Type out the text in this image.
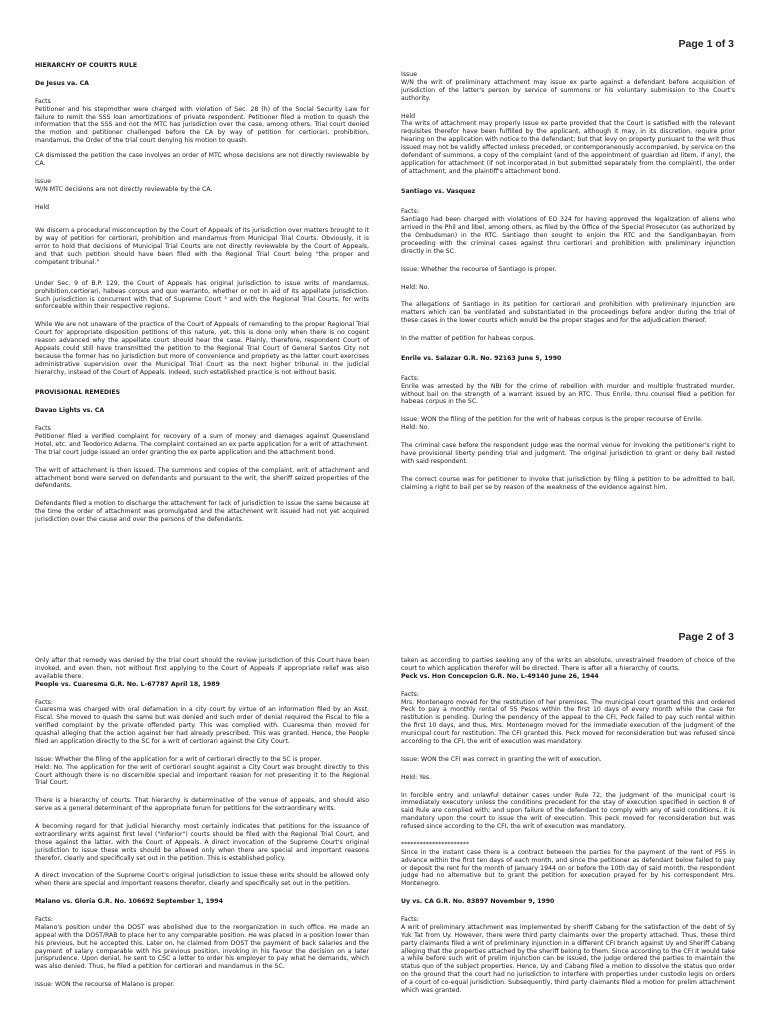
Page 1 of 3

HIERARCHY OF COURTS RULE

De Jesus va. CA

Facts

Petitioner and his stepmother were charged with violation of Sec. 28 (h) of the Social Security Law for failure to remit the SSS loan amortizations of private respondent. Petitioner filed a motion to quash the Information that the SSS and not the MTC has jurisdiction over the case, among others. Trial court denied the motion and petitioner challenged before the CA by way of petition for certiorari, prohibition, mandamus, the Order of the trial court denying his motion to quash.

CA dismissed the petition the case involves an order of MTC whose decisions are not directly reviewable by CA.

Issue

W/N MTC decisions are not directly reviewable by the CA.

Held

We discern a procedural misconception by the Court of Appeals of its jurisdiction over matters brought to it by way of petition for certiorari, prohibition and mandamus from Municipal Trial Courts. Obviously, it is error to hold that decisions of Municipal Trial Courts are not directly reviewable by the Court of Appeals, and that such petition should have been filed with the Regional Trial Court being "the proper and competent tribunal."

Under Sec. 9 of B.P. 129, the Court of Appeals has original jurisdiction to issue writs of mandamus, prohibition,certiorari, habeas corpus and quo warranto, whether or not in aid of its appellate jurisdiction. Such jurisdiction is concurrent with that of Supreme Court ³ and with the Regional Trial Courts, for writs enforceable within their respective regions.

While We are not unaware of the practice of the Court of Appeals of remanding to the proper Regional Trial Court for appropriate disposition petitions of this nature, yet, this is done only when there is no cogent reason advanced why the appellate court should hear the case. Plainly, therefore, respondent Court of Appeals could still have transmitted the petition to the Regional Trial Court of General Santos City not because the former has no jurisdiction but more of convenience and propriety as the latter court exercises administrative supervision over the Municipal Trial Court as the next higher tribunal in the judicial hierarchy, instead of the Court of Appeals. Indeed, such established practice is not without basis.

PROVISIONAL REMEDIES

Davao Lights vs. CA

Facts

Petitioner filed a verified complaint for recovery of a sum of money and damages against Queensland Hotel, etc. and Teodorico Adarna. The complaint contained an ex parte application for a writ of attachment. The trial court judge issued an order granting the ex parte application and the attachment bond.

The writ of attachment is then issued. The summons and copies of the complaint, writ of attachment and attachment bond were served on defendants and pursuant to the writ, the sheriff seized properties of the defendants.

Defendants filed a motion to discharge the attachment for lack of jurisdiction to issue the same because at the time the order of attachment was promulgated and the attachment writ issued had not yet acquired jurisdiction over the cause and over the persons of the defendants.

Issue

W/N the writ of preliminary attachment may issue ex parte against a defendant before acquisition of jurisdiction of the latter's person by service of summons or his voluntary submission to the Court's authority.

Held

The writs of attachment may properly issue ex parte provided that the Court is satisfied with the relevant requisites therefor have been fulfilled by the applicant, although it may, in its discretion, require prior hearing on the application with notice to the defendant; but that levy on property pursuant to the writ thus issued may not be validly effected unless preceded, or contemporaneously accompanied, by service on the defendant of summons, a copy of the complaint (and of the appointment of guardian ad litem, if any), the application for attachment (if not incorporated in but submitted separately from the complaint), the order of attachment, and the plaintiff's attachment bond.

Santiago vs. Vasquez

Facts:

Santiago had been charged with violations of EO 324 for having approved the legalization of aliens who arrived in the Phil and libel, among others, as filed by the Office of the Special Prosecutor (as authorized by the Ombudsman) in the RTC. Santiago then sought to enjoin the RTC and the Sandiganbayan from proceeding with the criminal cases against thru certiorari and prohibition with preliminary injunction directly in the SC.

Issue: Whether the recourse of Santiago is proper.

Held: No.

The allegations of Santiago in its petition for certiorari and prohibition with preliminary injunction are matters which can be ventilated and substantiated in the proceedings before and/or during the trial of these cases in the lower courts which would be the proper stages and for the adjudication thereof.

In the matter of petition for habeas corpus.

Enrile vs. Salazar G.R. No. 92163 June 5, 1990

Facts:

Enrile was arrested by the NBI for the crime of rebellion with murder and multiple frustrated murder, without bail on the strength of a warrant issued by an RTC. Thus Enrile, thru counsel filed a petition for habeas corpus in the SC.

Issue: WON the filing of the petition for the writ of habeas corpus is the proper recourse of Enrile.

Held: No.

The criminal case before the respondent Judge was the normal venue for invoking the petitioner's right to have provisional liberty pending trial and judgment. The original jurisdiction to grant or deny bail rested with said respondent.

The correct course was for petitioner to invoke that jurisdiction by filing a petition to be admitted to bail, claiming a right to bail per se by reason of the weakness of the evidence against him.

Page 2 of 3

Only after that remedy was denied by the trial court should the review jurisdiction of this Court have been invoked, and even then, not without first applying to the Court of Appeals if appropriate relief was also available there.

People vs. Cuaresma G.R. No. L-67787 April 18, 1989

Facts:

Cuaresma was charged with oral defamation in a city court by virtue of an information filed by an Asst. Fiscal. She moved to quash the same but was denied and such order of denial required the Fiscal to file a verified complaint by the private offended party. This was complied with. Cuaresma then moved for quashal alleging that the action against her had already prescribed. This was granted. Hence, the People filed an application directly to the SC for a writ of certiorari against the City Court.

Issue: Whether the filing of the application for a writ of certiorari directly to the SC is proper.

Held: No. The application for the writ of certiorari sought against a City Court was brought directly to this Court although there is no discernible special and important reason for not presenting it to the Regional Trial Court.

There is a hierarchy of courts. That hierarchy is determinative of the venue of appeals, and should also serve as a general determinant of the appropriate forum for petitions for the extraordinary writs.

A becoming regard for that judicial hierarchy most certainly indicates that petitions for the issuance of extraordinary writs against first level ("inferior") courts should be filed with the Regional Trial Court, and those against the latter, with the Court of Appeals. A direct invocation of the Supreme Court's original jurisdiction to issue these writs should be allowed only when there are special and important reasons therefor, clearly and specifically set out in the petition. This is established policy.

A direct invocation of the Supreme Court's original jurisdiction to issue these writs should be allowed only when there are special and important reasons therefor, clearly and specifically set out in the petition.

Malano vs. Gloria G.R. No. 106692 September 1, 1994

Facts:

Malano's position under the DOST was abolished due to the reorganization in such office. He made an appeal with the DOST/RAB to place her to any comparable position. He was placed in a position lower than his previous, but he accepted this. Later on, he claimed from DOST the payment of back salaries and the payment of salary comparable with his previous position, invoking in his favour the decision on a later jurisprudence. Upon denial, he sent to CSC a letter to order his employer to pay what he demands, which was also denied. Thus, he filed a petition for certiorari and mandamus in the SC.

Issue: WON the recourse of Malano is proper.

taken as according to parties seeking any of the writs an absolute, unrestrained freedom of choice of the court to which application therefor will be directed. There is after all a hierarchy of courts.

Peck vs. Hon Concepcion G.R. No. L-49140 June 26, 1944

Facts:

Mrs. Montenegro moved for the restitution of her premises. The municipal court granted this and ordered Peck to pay a monthly rental of 55 Pesos within the first 10 days of every month while the case for restitution is pending. During the pendency of the appeal to the CFI, Peck failed to pay such rental within the first 10 days, and thus, Mrs. Montenegro moved for the immediate execution of the judgment of the municipal court for restitution. The CFI granted this. Peck moved for reconsideration but was refused since according to the CFI, the writ of execution was mandatory.

Issue: WON the CFI was correct in granting the writ of execution.

Held: Yes.

In forcible entry and unlawful detainer cases under Rule 72, the judgment of the municipal court is immediately executory unless the conditions precedent for the stay of execution specified in section 8 of said Rule are complied with; and upon failure of the defendant to comply with any of said conditions, it is mandatory upon the court to issue the writ of execution. This peck moved for reconsideration but was refused since according to the CFI, the writ of execution was mandatory.

**********************

Since in the instant case there is a contract between the parties for the payment of the rent of P55 in advance within the first ten days of each month, and since the petitioner as defendant below failed to pay or deposit the rent for the month of January 1944 on or before the 10th day of said month, the respondent judge had no alternative but to grant the petition for execution prayed for by his correspondent Mrs. Montenegro.

Uy vs. CA G.R. No. 83897 November 9, 1990

Facts:

A writ of preliminary attachment was implemented by sheriff Cabang for the satisfaction of the debt of Sy Yuk Tat from Uy. However, there were third party claimants over the property attached. Thus, these third party claimants filed a writ of preliminary injunction in a different CFI branch against Uy and Sheriff Cabang alleging that the properties attached by the sheriff belong to them. Since according to the CFI it would take a while before such writ of prelim injunction can be issued, the judge ordered the parties to maintain the status quo of the subject properties. Hence, Uy and Cabang filed a motion to dissolve the status quo order on the ground that the court had no jurisdiction to interfere with properties under custodio legis on orders of a court of co-equal jurisdiction. Subsequently, third party claimants filed a motion for prelim attachment which was granted.
